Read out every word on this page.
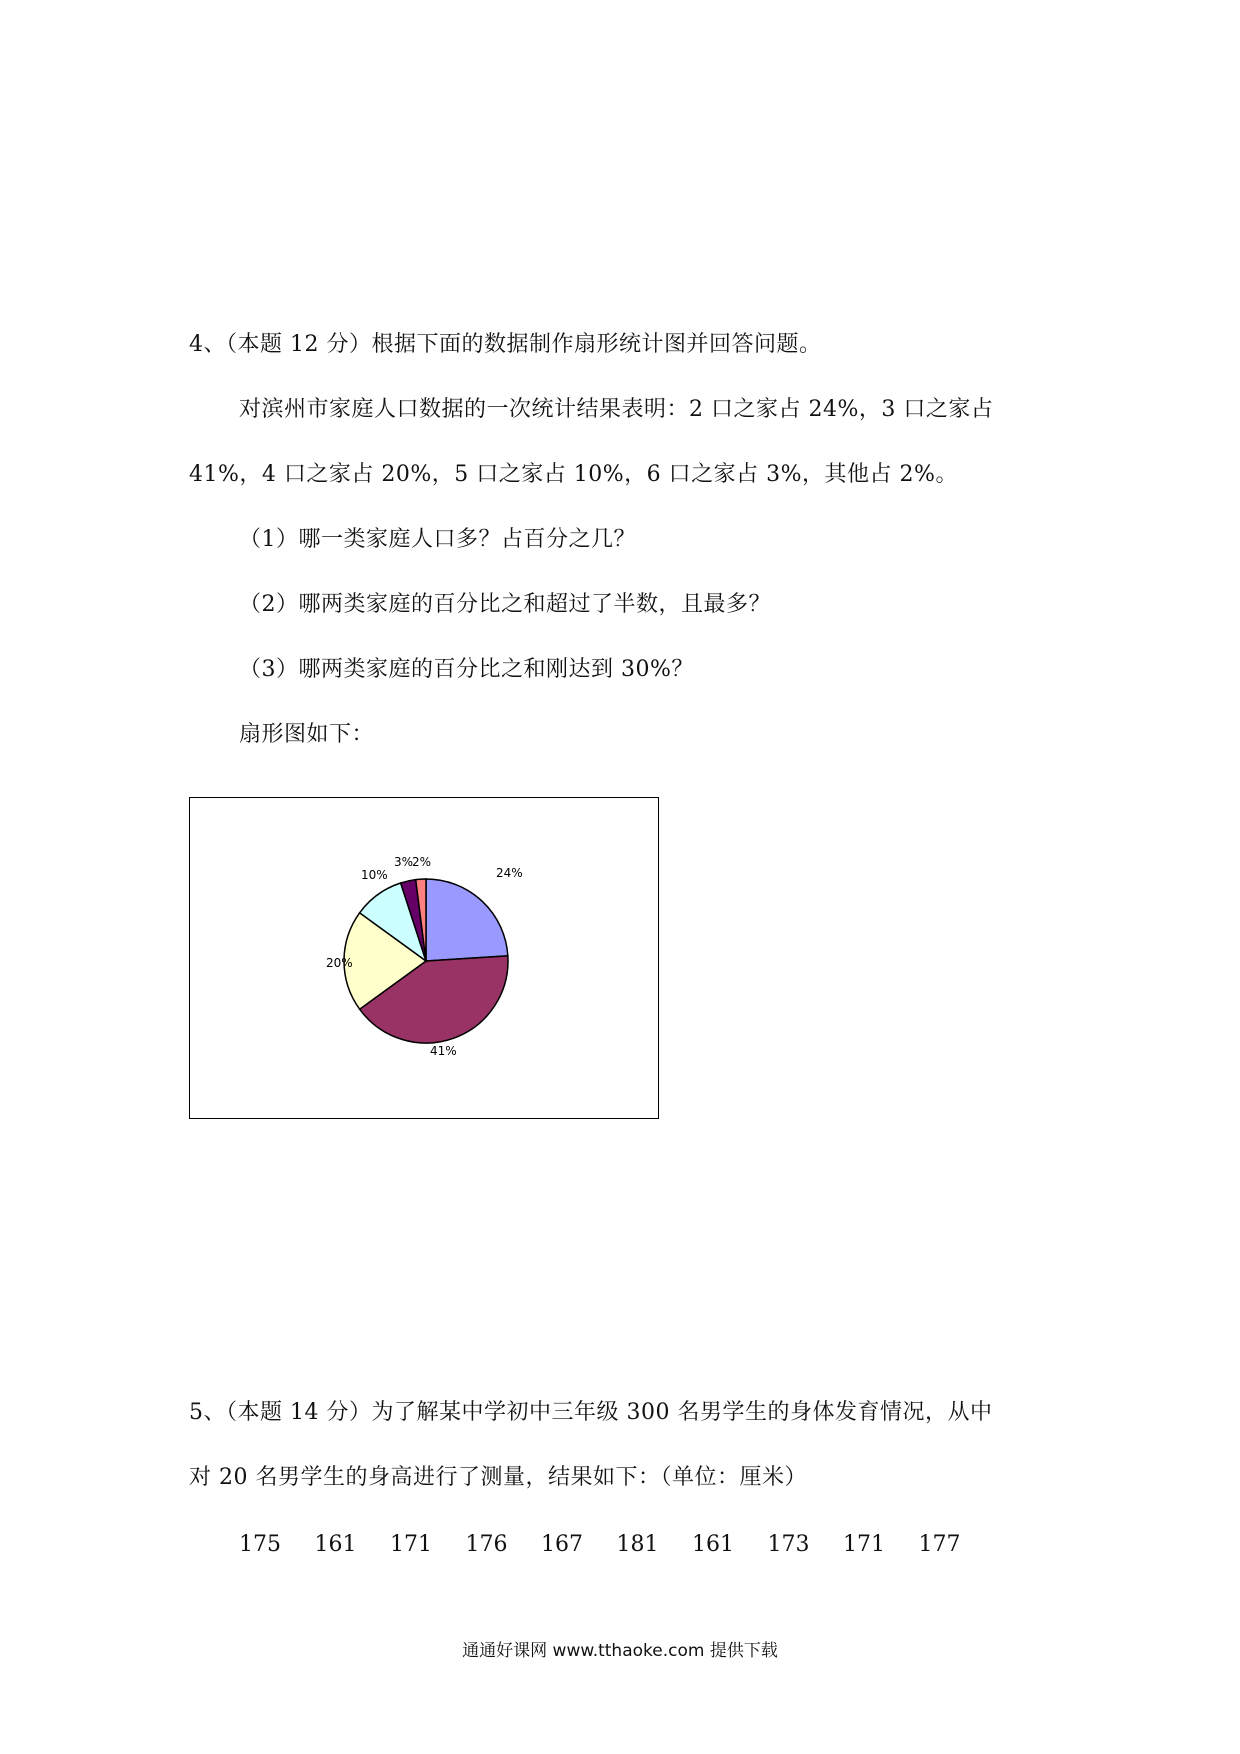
4、（本题 12 分）根据下面的数据制作扇形统计图并回答问题。
对滨州市家庭人口数据的一次统计结果表明：2 口之家占 24%，3 口之家占
41%，4 口之家占 20%，5 口之家占 10%，6 口之家占 3%，其他占 2%。
（1）哪一类家庭人口多？占百分之几？
（2）哪两类家庭的百分比之和超过了半数，且最多？
（3）哪两类家庭的百分比之和刚达到 30%？
扇形图如下：
24%
41%
20%
10%
3%
2%
5、（本题 14 分）为了解某中学初中三年级 300 名男学生的身体发育情况，从中
对 20 名男学生的身高进行了测量，结果如下：（单位：厘米）
175 161 171 176 167 181 161 173 171 177
通通好课网 www.tthaoke.com 提供下载
